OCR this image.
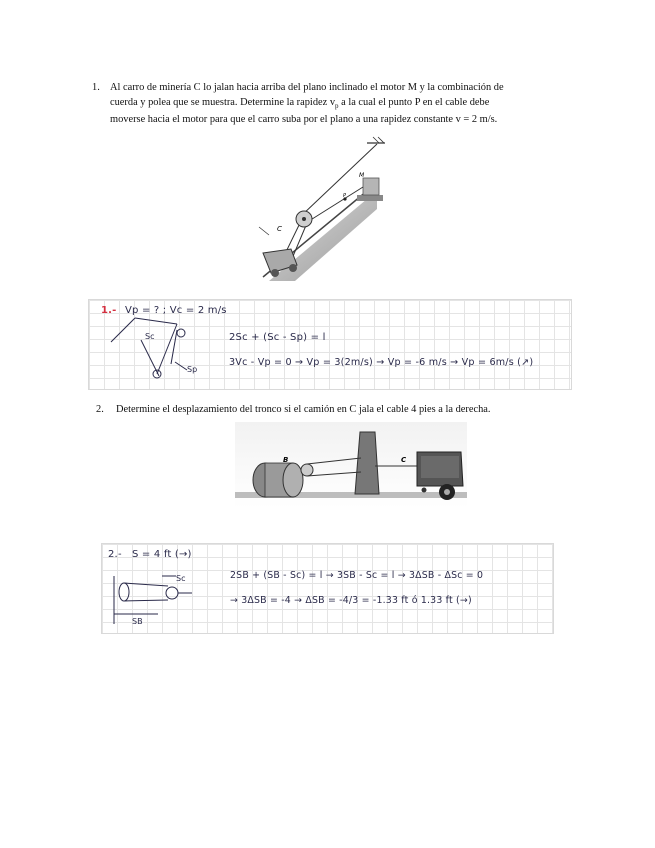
1. Al carro de minería C lo jalan hacia arriba del plano inclinado el motor M y la combinación de
cuerda y polea que se muestra. Determine la rapidez $v_p$ a la cual el punto P en el cable debe
moverse hacia el motor para que el carro suba por el plano a una rapidez constante v = 2 m/s.
M
P
C
Sc
Sp
1.- Vp = ? ; Vc = 2 m/s
2Sc + (Sc - Sp) = l
3Vc - Vp = 0 → Vp = 3(2m/s) → Vp = -6 m/s → Vp = 6m/s (↗)
2. Determine el desplazamiento del tronco si el camión en C jala el cable 4 pies a la derecha.
B	C
Sc
SB
2.- S = 4 ft (→)
2SB + (SB - Sc) = l → 3SB - Sc = l → 3ΔSB - ΔSc = 0
→ 3ΔSB = -4 → ΔSB = -4/3 = -1.33 ft ó 1.33 ft (→)
